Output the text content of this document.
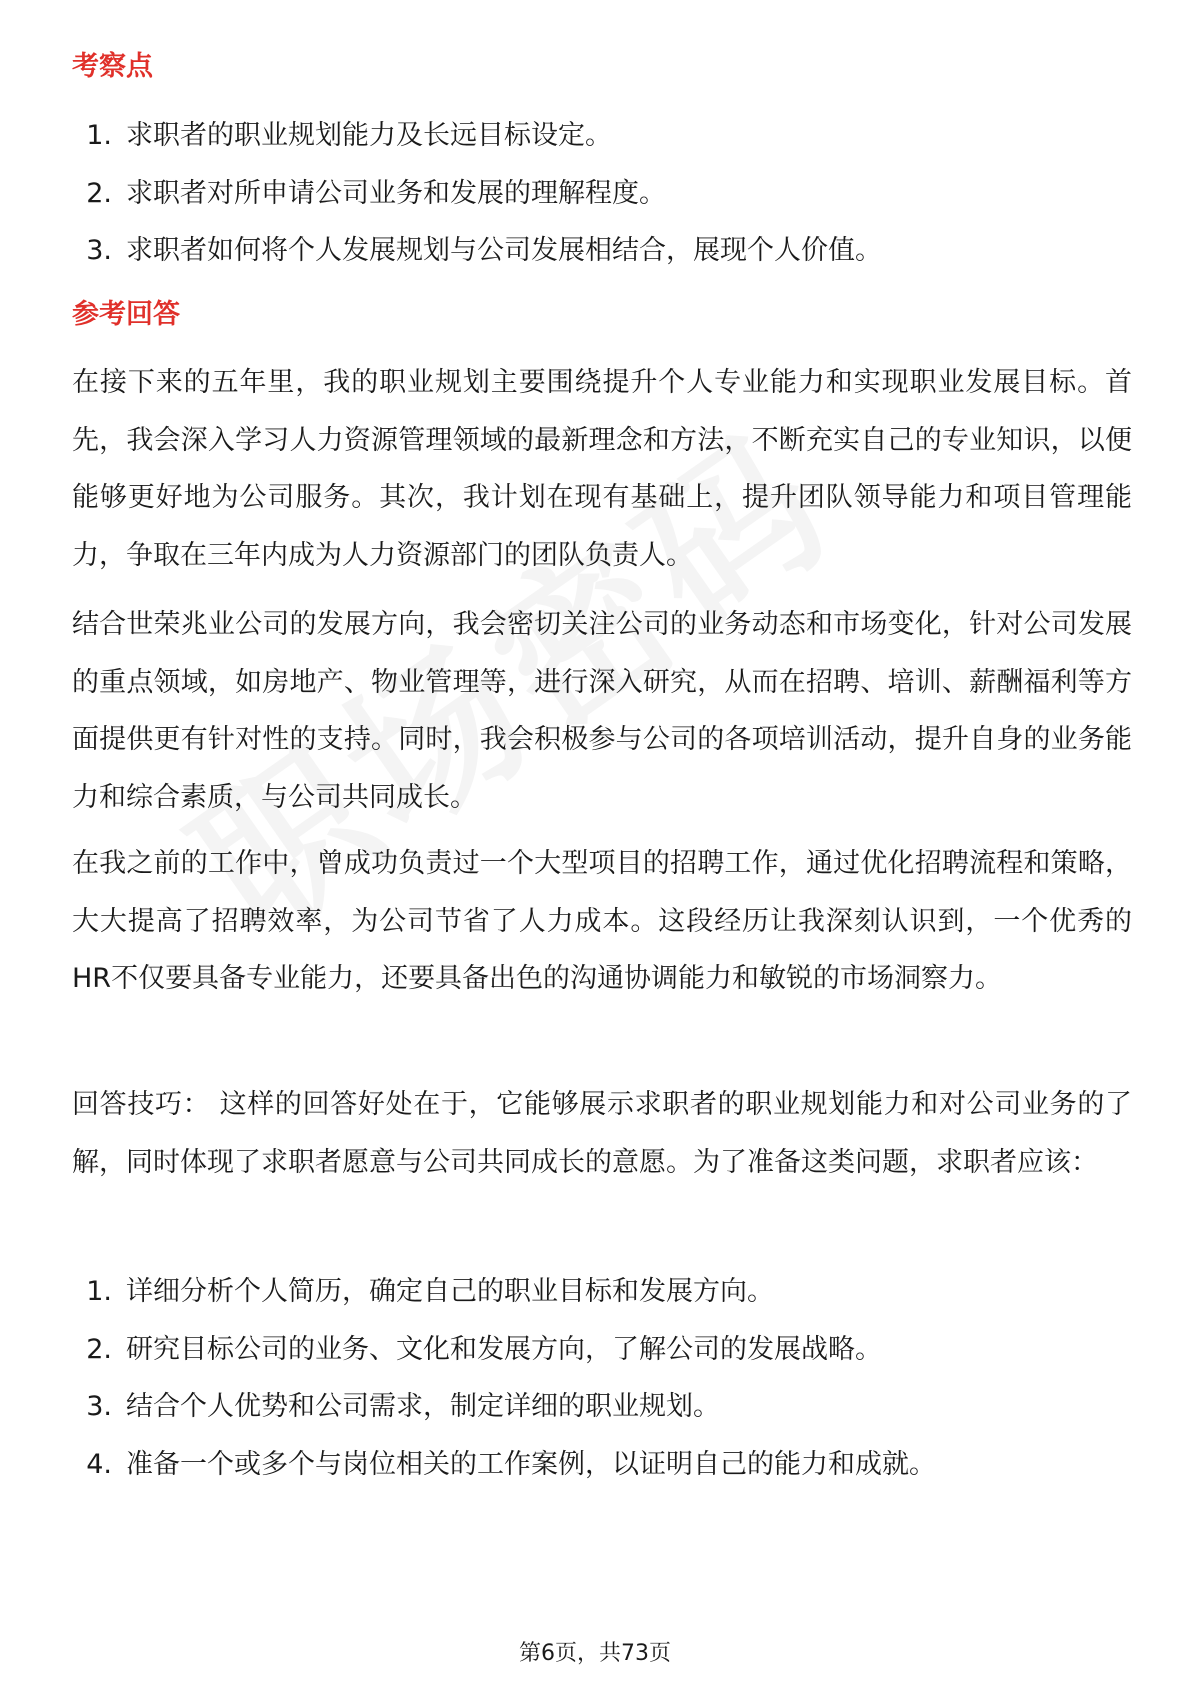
考察点
1. 求职者的职业规划能力及长远目标设定。
2. 求职者对所申请公司业务和发展的理解程度。
3. 求职者如何将个人发展规划与公司发展相结合，展现个人价值。
参考回答

在接下来的五年里，我的职业规划主要围绕提升个人专业能力和实现职业发展目标。首先，我会深入学习人力资源管理领域的最新理念和方法，不断充实自己的专业知识，以便能够更好地为公司服务。其次，我计划在现有基础上，提升团队领导能力和项目管理能力，争取在三年内成为人力资源部门的团队负责人。

结合世荣兆业公司的发展方向，我会密切关注公司的业务动态和市场变化，针对公司发展的重点领域，如房地产、物业管理等，进行深入研究，从而在招聘、培训、薪酬福利等方面提供更有针对性的支持。同时，我会积极参与公司的各项培训活动，提升自身的业务能力和综合素质，与公司共同成长。

在我之前的工作中，曾成功负责过一个大型项目的招聘工作，通过优化招聘流程和策略，大大提高了招聘效率，为公司节省了人力成本。这段经历让我深刻认识到，一个优秀的HR不仅要具备专业能力，还要具备出色的沟通协调能力和敏锐的市场洞察力。

回答技巧： 这样的回答好处在于，它能够展示求职者的职业规划能力和对公司业务的了解，同时体现了求职者愿意与公司共同成长的意愿。为了准备这类问题，求职者应该：

1. 详细分析个人简历，确定自己的职业目标和发展方向。
2. 研究目标公司的业务、文化和发展方向，了解公司的发展战略。
3. 结合个人优势和公司需求，制定详细的职业规划。
4. 准备一个或多个与岗位相关的工作案例，以证明自己的能力和成就。
第6页，共73页
